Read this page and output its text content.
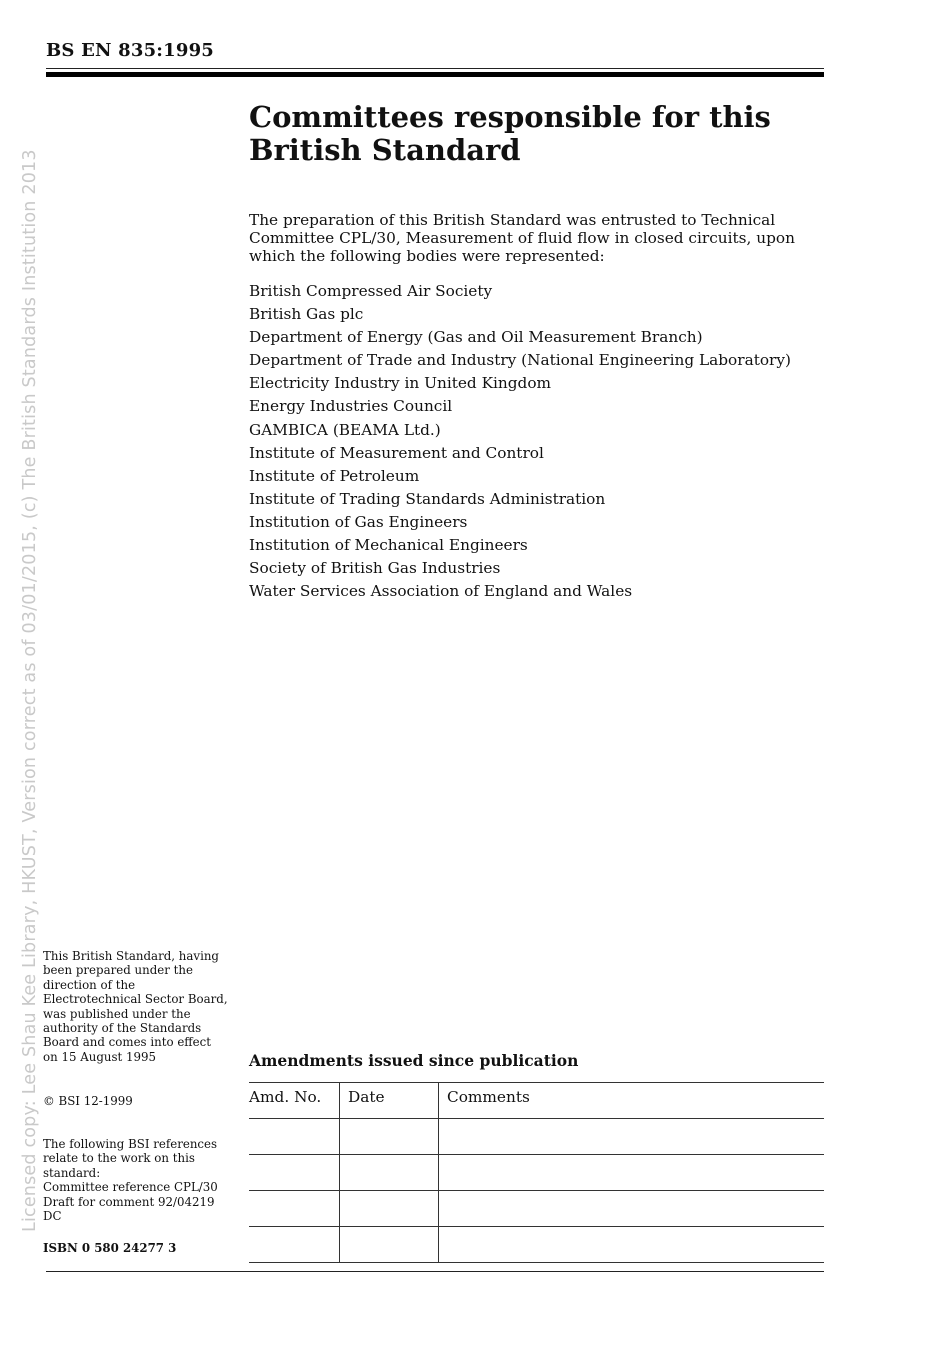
BS EN 835:1995
Licensed copy: Lee Shau Kee Library, HKUST, Version correct as of 03/01/2015, (c) The British Standards Institution 2013
Committees responsible for this British Standard

The preparation of this British Standard was entrusted to Technical Committee CPL/30, Measurement of fluid flow in closed circuits, upon which the following bodies were represented:

British Compressed Air Society
British Gas plc
Department of Energy (Gas and Oil Measurement Branch)
Department of Trade and Industry (National Engineering Laboratory)
Electricity Industry in United Kingdom
Energy Industries Council
GAMBICA (BEAMA Ltd.)
Institute of Measurement and Control
Institute of Petroleum
Institute of Trading Standards Administration
Institution of Gas Engineers
Institution of Mechanical Engineers
Society of British Gas Industries
Water Services Association of England and Wales

This British Standard, having been prepared under the direction of the Electrotechnical Sector Board, was published under the authority of the Standards Board and comes into effect on 15 August 1995

© BSI 12-1999

The following BSI references relate to the work on this standard:
Committee reference CPL/30
Draft for comment 92/04219 DC

ISBN 0 580 24277 3

Amendments issued since publication
Amd. No.	Date	Comments
